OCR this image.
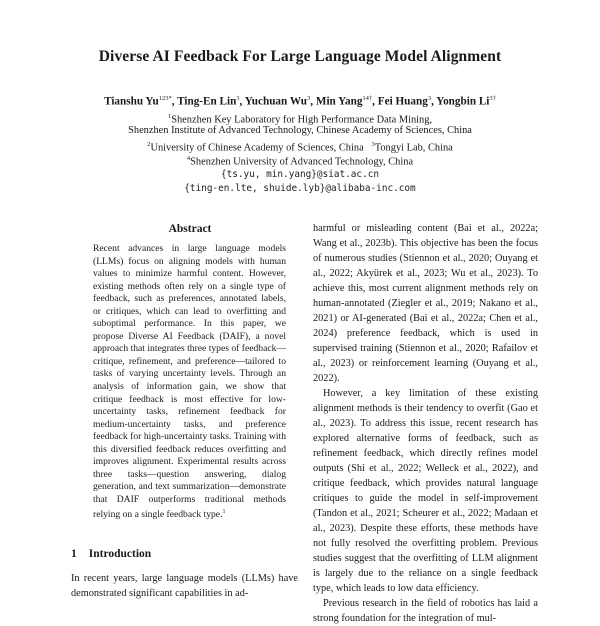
Diverse AI Feedback For Large Language Model Alignment
Tianshu $Yu^{123*}$, Ting-En Lin$^3$, Yuchuan Wu$^3$, Min Yang$^{14\dagger}$, Fei Huang$^3$, Yongbin $Li^{3\dagger}$
$^1$Shenzhen Key Laboratory for High Performance Data Mining,
Shenzhen Institute of Advanced Technology, Chinese Academy of Sciences, China
$^2$University of Chinese Academy of Sciences, China $^3$Tongyi Lab, China
$^4$Shenzhen University of Advanced Technology, China
{ts.yu, min.yang}@siat.ac.cn
{ting-en.lte, shuide.lyb}@alibaba-inc.com
Abstract
Recent advances in large language models (LLMs) focus on aligning models with human values to minimize harmful content. However, existing methods often rely on a single type of feedback, such as preferences, annotated labels, or critiques, which can lead to overfitting and suboptimal performance. In this paper, we propose Diverse AI Feedback (DAIF), a novel approach that integrates three types of feedback—critique, refinement, and preference—tailored to tasks of varying uncertainty levels. Through an analysis of information gain, we show that critique feedback is most effective for low-uncertainty tasks, refinement feedback for medium-uncertainty tasks, and preference feedback for high-uncertainty tasks. Training with this diversified feedback reduces overfitting and improves alignment. Experimental results across three tasks—question answering, dialog generation, and text summarization—demonstrate that DAIF outperforms traditional methods relying on a single feedback type.$^1$
1 Introduction
In recent years, large language models (LLMs) have demonstrated significant capabilities in ad-

harmful or misleading content (Bai et al., 2022a; Wang et al., 2023b). This objective has been the focus of numerous studies (Stiennon et al., 2020; Ouyang et al., 2022; Akyürek et al., 2023; Wu et al., 2023). To achieve this, most current alignment methods rely on human-annotated (Ziegler et al., 2019; Nakano et al., 2021) or AI-generated (Bai et al., 2022a; Chen et al., 2024) preference feedback, which is used in supervised training (Stiennon et al., 2020; Rafailov et al., 2023) or reinforcement learning (Ouyang et al., 2022).

However, a key limitation of these existing alignment methods is their tendency to overfit (Gao et al., 2023). To address this issue, recent research has explored alternative forms of feedback, such as refinement feedback, which directly refines model outputs (Shi et al., 2022; Welleck et al., 2022), and critique feedback, which provides natural language critiques to guide the model in self-improvement (Tandon et al., 2021; Scheurer et al., 2022; Madaan et al., 2023). Despite these efforts, these methods have not fully resolved the overfitting problem. Previous studies suggest that the overfitting of LLM alignment is largely due to the reliance on a single feedback type, which leads to low data efficiency.

Previous research in the field of robotics has laid a strong foundation for the integration of mul-
